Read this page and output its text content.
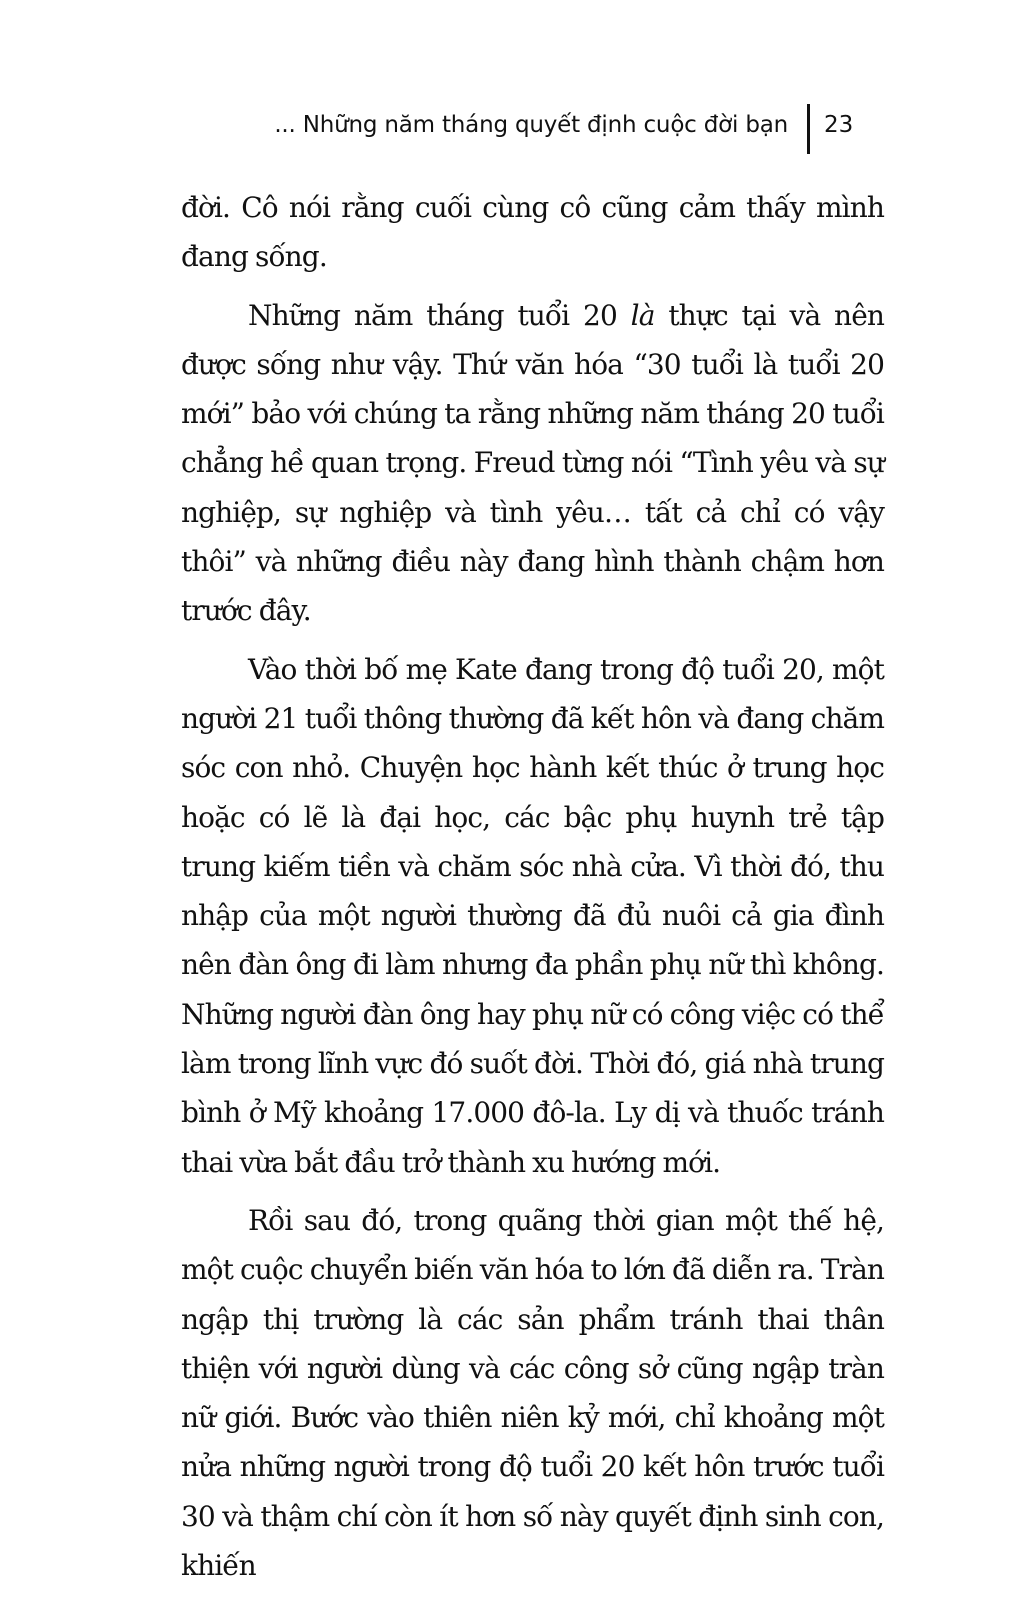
... Những năm tháng quyết định cuộc đời bạn 23

đời. Cô nói rằng cuối cùng cô cũng cảm thấy mình đang sống.

Những năm tháng tuổi 20 là thực tại và nên được sống như vậy. Thứ văn hóa “30 tuổi là tuổi 20 mới” bảo với chúng ta rằng những năm tháng 20 tuổi chẳng hề quan trọng. Freud từng nói “Tình yêu và sự nghiệp, sự nghiệp và tình yêu… tất cả chỉ có vậy thôi” và những điều này đang hình thành chậm hơn trước đây.

Vào thời bố mẹ Kate đang trong độ tuổi 20, một người 21 tuổi thông thường đã kết hôn và đang chăm sóc con nhỏ. Chuyện học hành kết thúc ở trung học hoặc có lẽ là đại học, các bậc phụ huynh trẻ tập trung kiếm tiền và chăm sóc nhà cửa. Vì thời đó, thu nhập của một người thường đã đủ nuôi cả gia đình nên đàn ông đi làm nhưng đa phần phụ nữ thì không. Những người đàn ông hay phụ nữ có công việc có thể làm trong lĩnh vực đó suốt đời. Thời đó, giá nhà trung bình ở Mỹ khoảng 17.000 đô-la. Ly dị và thuốc tránh thai vừa bắt đầu trở thành xu hướng mới.

Rồi sau đó, trong quãng thời gian một thế hệ, một cuộc chuyển biến văn hóa to lớn đã diễn ra. Tràn ngập thị trường là các sản phẩm tránh thai thân thiện với người dùng và các công sở cũng ngập tràn nữ giới. Bước vào thiên niên kỷ mới, chỉ khoảng một nửa những người trong độ tuổi 20 kết hôn trước tuổi 30 và thậm chí còn ít hơn số này quyết định sinh con, khiến
